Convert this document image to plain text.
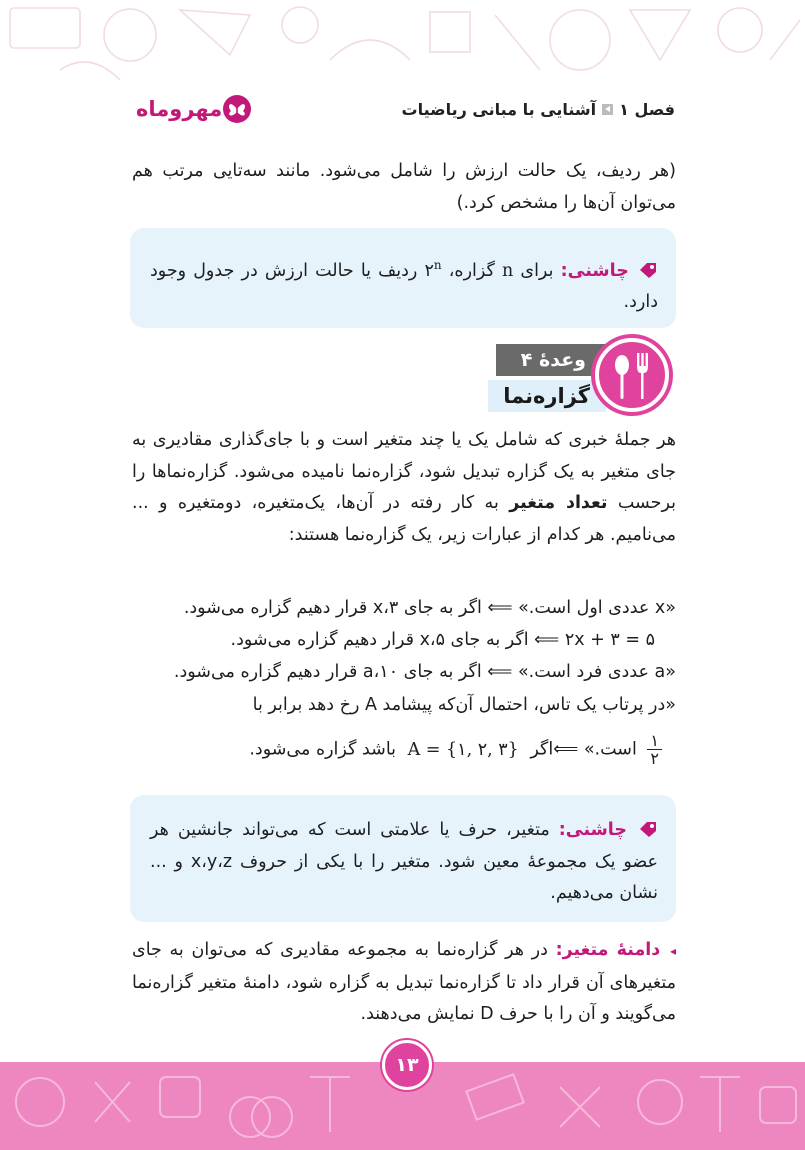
مهروماه	فصل ۱
آشنایی با مبانی ریاضیات

(هر ردیف، یک حالت ارزش را شامل می‌شود. مانند سه‌تایی مرتب هم می‌توان آن‌ها را مشخص کرد.)

چاشنی: برای n گزاره، ۲$^n$ ردیف یا حالت ارزش در جدول وجود دارد.

وعدهٔ ۴
گزاره‌نما

هر جملهٔ خبری که شامل یک یا چند متغیر است و با جای‌گذاری مقادیری به جای متغیر به یک گزاره تبدیل شود، گزاره‌نما نامیده می‌شود. گزاره‌نماها را برحسب تعداد متغیر به کار رفته در آن‌ها، یک‌متغیره، دومتغیره و ... می‌نامیم. هر کدام از عبارات زیر، یک گزاره‌نما هستند:

«x عددی اول است.» ⟸ اگر به جای x،۳ قرار دهیم گزاره می‌شود.
۵ = ۳ + ۲x ⟸ اگر به جای x،۵ قرار دهیم گزاره می‌شود.
«a عددی فرد است.» ⟸ اگر به جای a،۱۰ قرار دهیم گزاره می‌شود.
«در پرتاب یک تاس، احتمال آن‌که پیشامد A رخ دهد برابر با
$\frac{۱}{۲}$
است.» ⟸اگر A = {۱, ۲, ۳} باشد گزاره می‌شود.

چاشنی: متغیر، حرف یا علامتی است که می‌تواند جانشین هر عضو یک مجموعهٔ معین شود. متغیر را با یکی از حروف x،y،z و ... نشان می‌دهیم.

◂ دامنهٔ متغیر: در هر گزاره‌نما به مجموعه مقادیری که می‌توان به جای متغیرهای آن قرار داد تا گزاره‌نما تبدیل به گزاره شود، دامنهٔ متغیر گزاره‌نما می‌گویند و آن را با حرف D نمایش می‌دهند.

۱۳
